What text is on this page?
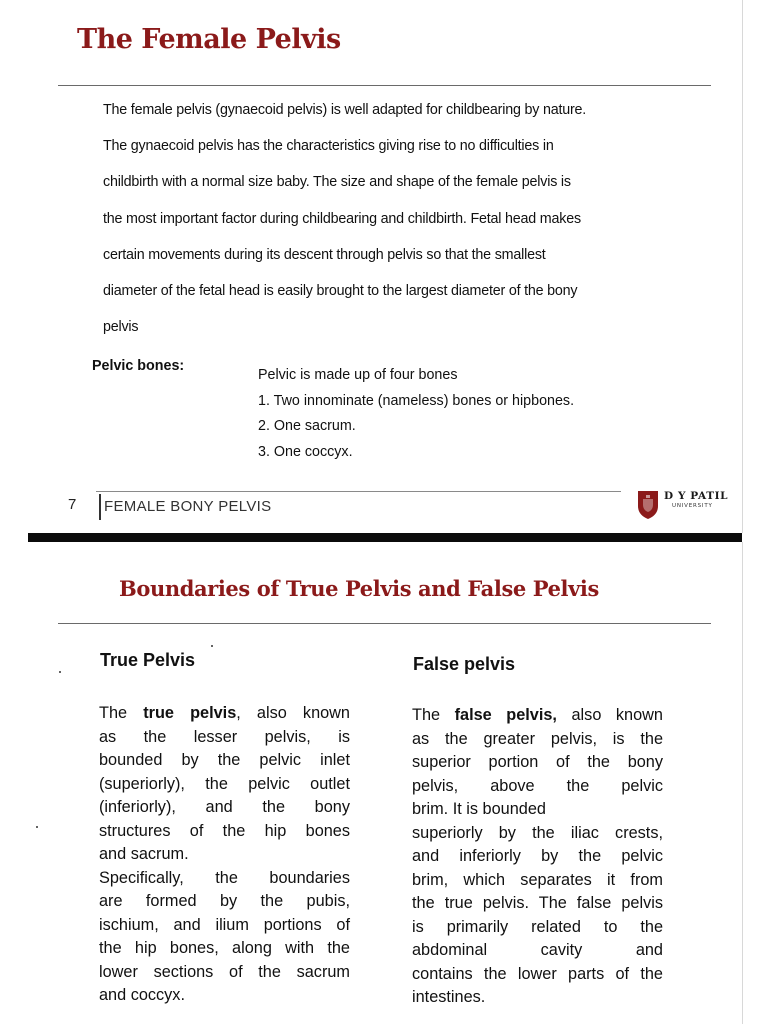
The Female Pelvis
The female pelvis (gynaecoid pelvis) is well adapted for childbearing by nature.
The gynaecoid pelvis has the characteristics giving rise to no difficulties in
childbirth with a normal size baby. The size and shape of the female pelvis is
the most important factor during childbearing and childbirth. Fetal head makes
certain movements during its descent through pelvis so that the smallest
diameter of the fetal head is easily brought to the largest diameter of the bony
pelvis
Pelvic bones:
Pelvic is made up of four bones
1. Two innominate (nameless) bones or hipbones.
2. One sacrum.
3. One coccyx.
7 FEMALE BONY PELVIS
D Y PATIL
UNIVERSITY
Boundaries of True Pelvis and False Pelvis
True Pelvis	False pelvis
The true pelvis, also known
as the lesser pelvis, is
bounded by the pelvic inlet
(superiorly), the pelvic outlet
(inferiorly), and the bony
structures of the hip bones
and sacrum.
Specifically, the boundaries
are formed by the pubis,
ischium, and ilium portions of
the hip bones, along with the
lower sections of the sacrum
and coccyx.
The false pelvis, also known
as the greater pelvis, is the
superior portion of the bony
pelvis, above the pelvic
brim. It is bounded
superiorly by the iliac crests,
and inferiorly by the pelvic
brim, which separates it from
the true pelvis. The false pelvis
is primarily related to the
abdominal cavity and
contains the lower parts of the
intestines.
